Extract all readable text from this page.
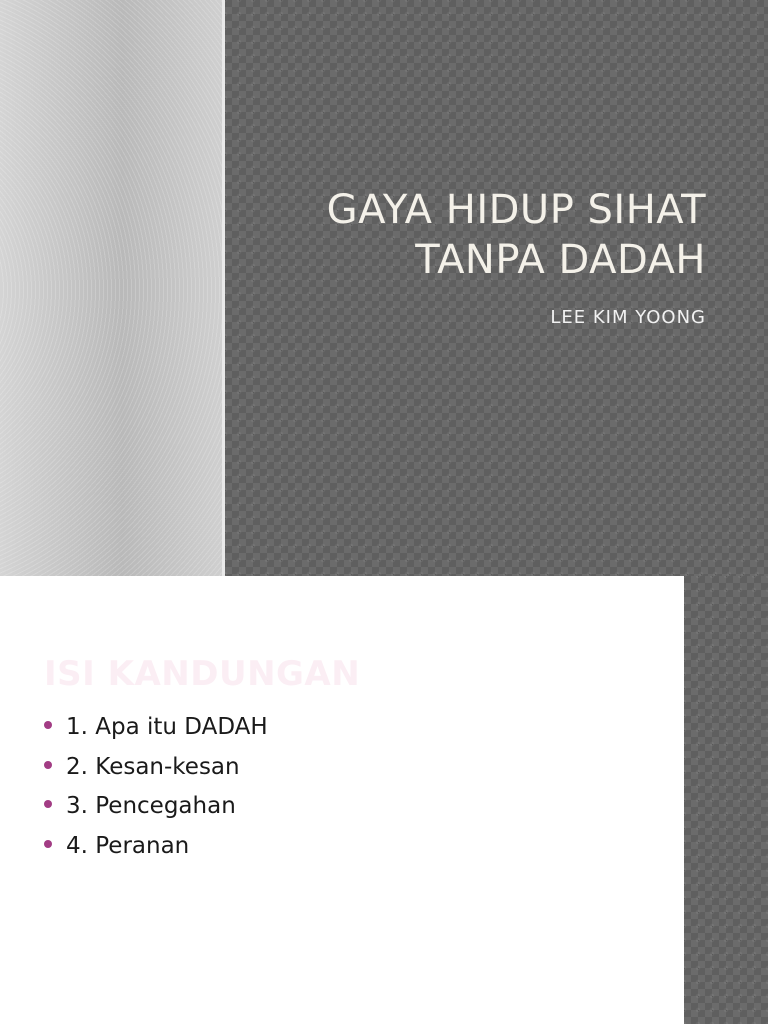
GAYA HIDUP SIHAT
TANPA DADAH
LEE KIM YOONG
ISI KANDUNGAN
1. Apa itu DADAH
2. Kesan-kesan
3. Pencegahan
4. Peranan
